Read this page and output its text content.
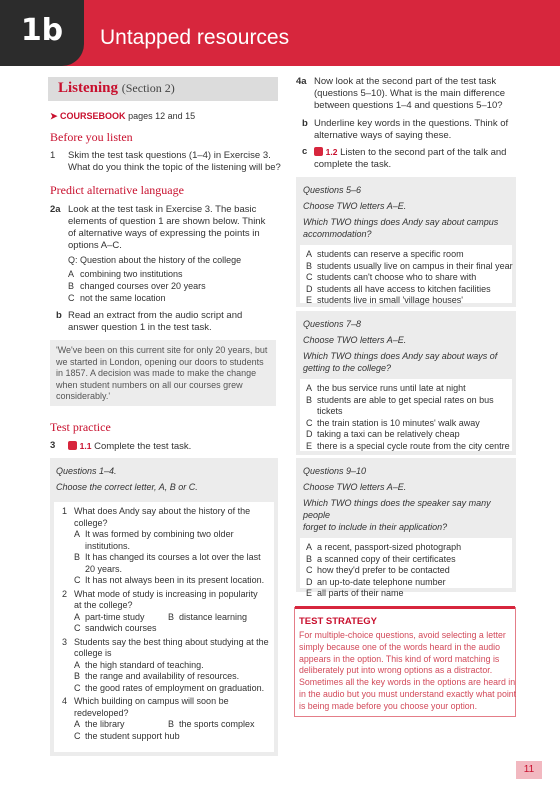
1b	Untapped resources
Listening (Section 2)
➤ COURSEBOOK pages 12 and 15
Before you listen
1 Skim the test task questions (1–4) in Exercise 3.
What do you think the topic of the listening will be?
Predict alternative language
2a Look at the test task in Exercise 3. The basic
elements of question 1 are shown below. Think
of alternative ways of expressing the points in
options A–C.
Q: Question about the history of the college
A combining two institutions
B changed courses over 20 years
C not the same location
b Read an extract from the audio script and
answer question 1 in the test task.
'We've been on this current site for only 20 years, but
we started in London, opening our doors to students
in 1857. A decision was made to make the change
when student numbers on all our courses grew
considerably.'
Test practice
3	1.1 Complete the test task.
Questions 1–4.
Choose the correct letter, A, B or C.
1 What does Andy say about the history of the
college?
A It was formed by combining two older
institutions.
B It has changed its courses a lot over the last
20 years.
C It has not always been in its present location.
2 What mode of study is increasing in popularity
at the college?
A part-time study	B distance learning
C sandwich courses
3 Students say the best thing about studying at the
college is
A the high standard of teaching.
B the range and availability of resources.
C the good rates of employment on graduation.
4 Which building on campus will soon be
redeveloped?
A the library	B the sports complex
C the student support hub
4a Now look at the second part of the test task
(questions 5–10). What is the main difference
between questions 1–4 and questions 5–10?
b Underline key words in the questions. Think of
alternative ways of saying these.
c	1.2 Listen to the second part of the talk and
complete the task.
Questions 5–6
Choose TWO letters A–E.
Which TWO things does Andy say about campus
accommodation?
A students can reserve a specific room
B students usually live on campus in their final year
C students can't choose who to share with
D students all have access to kitchen facilities
E students live in small 'village houses'
Questions 7–8
Choose TWO letters A–E.
Which TWO things does Andy say about ways of
getting to the college?
A the bus service runs until late at night
B students are able to get special rates on bus
tickets
C the train station is 10 minutes' walk away
D taking a taxi can be relatively cheap
E there is a special cycle route from the city centre
Questions 9–10
Choose TWO letters A–E.
Which TWO things does the speaker say many people
forget to include in their application?
A a recent, passport-sized photograph
B a scanned copy of their certificates
C how they'd prefer to be contacted
D an up-to-date telephone number
E all parts of their name
TEST STRATEGY
For multiple-choice questions, avoid selecting a letter
simply because one of the words heard in the audio
appears in the option. This kind of word matching is
deliberately put into wrong options as a distractor.
Sometimes all the key words in the options are heard in
in the audio but you must understand exactly what point
is being made before you choose your option.
11
